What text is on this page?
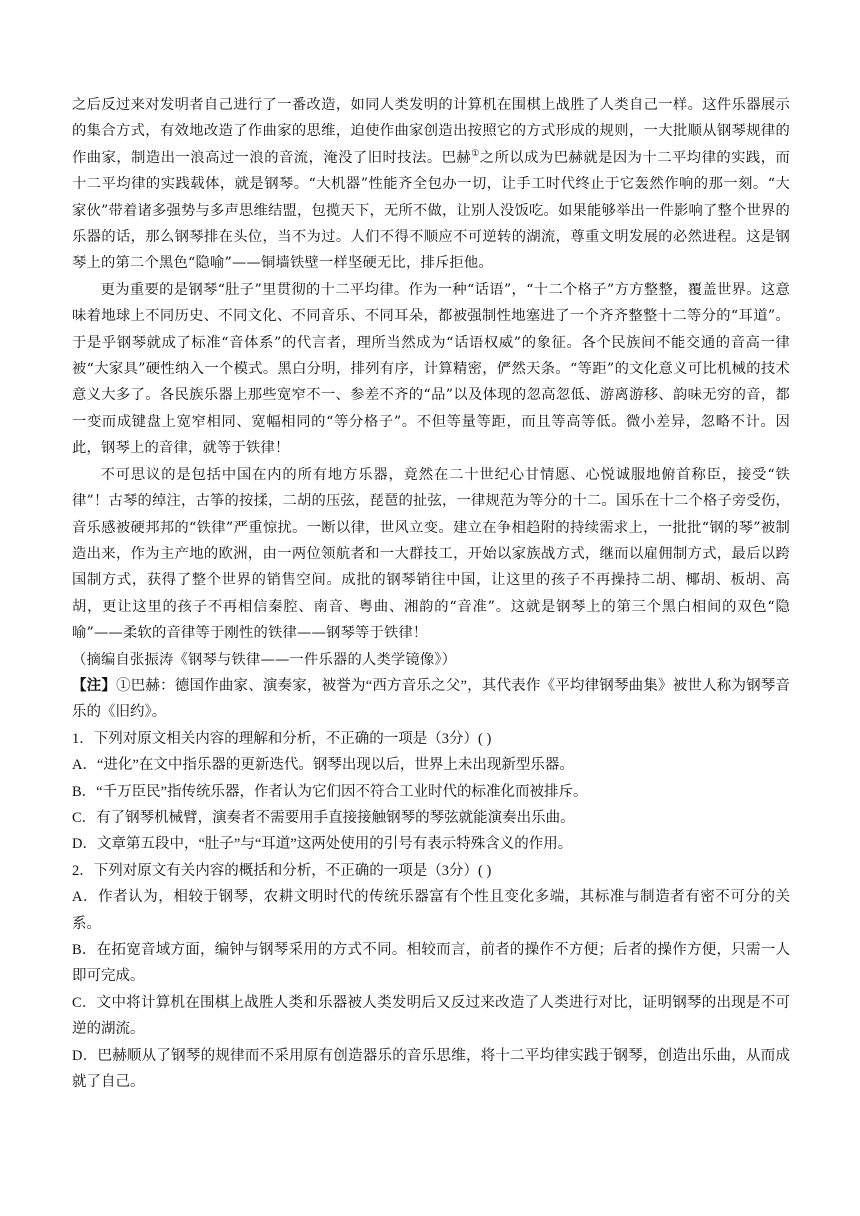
之后反过来对发明者自己进行了一番改造，如同人类发明的计算机在围棋上战胜了人类自己一样。这件乐器展示的集合方式，有效地改造了作曲家的思维，迫使作曲家创造出按照它的方式形成的规则，一大批顺从钢琴规律的作曲家，制造出一浪高过一浪的音流，淹没了旧时技法。巴赫①之所以成为巴赫就是因为十二平均律的实践，而十二平均律的实践载体，就是钢琴。“大机器”性能齐全包办一切，让手工时代终止于它轰然作响的那一刻。“大家伙”带着诸多强势与多声思维结盟，包揽天下，无所不做，让别人没饭吃。如果能够举出一件影响了整个世界的乐器的话，那么钢琴排在头位，当不为过。人们不得不顺应不可逆转的湖流，尊重文明发展的必然进程。这是钢琴上的第二个黑色“隐喻”——铜墙铁壁一样坚硬无比，排斥拒他。

更为重要的是钢琴“肚子”里贯彻的十二平均律。作为一种“话语”，“十二个格子”方方整整，覆盖世界。这意味着地球上不同历史、不同文化、不同音乐、不同耳朵，都被强制性地塞进了一个齐齐整整十二等分的“耳道”。于是乎钢琴就成了标准“音体系”的代言者，理所当然成为“话语权威”的象征。各个民族间不能交通的音高一律被“大家具”硬性纳入一个模式。黑白分明，排列有序，计算精密，俨然天条。“等距”的文化意义可比机械的技术意义大多了。各民族乐器上那些宽窄不一、参差不齐的“品”以及体现的忽高忽低、游离游移、韵味无穷的音，都一变而成键盘上宽窄相同、宽幅相同的“等分格子”。不但等量等距，而且等高等低。微小差异，忽略不计。因此，钢琴上的音律，就等于铁律！

不可思议的是包括中国在内的所有地方乐器，竟然在二十世纪心甘情愿、心悦诚服地俯首称臣，接受“铁律”！古琴的绰注，古筝的按揉，二胡的压弦，琵琶的扯弦，一律规范为等分的十二。国乐在十二个格子旁受伤，音乐感被硬邦邦的“铁律”严重惊扰。一断以律，世风立变。建立在争相趋附的持续需求上，一批批“钢的琴”被制造出来，作为主产地的欧洲，由一两位领航者和一大群技工，开始以家族战方式，继而以雇佣制方式，最后以跨国制方式，获得了整个世界的销售空间。成批的钢琴销往中国，让这里的孩子不再操持二胡、椰胡、板胡、高胡，更让这里的孩子不再相信秦腔、南音、粤曲、湘韵的“音准”。这就是钢琴上的第三个黑白相间的双色“隐喻”——柔软的音律等于刚性的铁律——钢琴等于铁律！

（摘编自张振涛《钢琴与铁律——一件乐器的人类学镜像》）

【注】①巴赫：德国作曲家、演奏家，被誉为“西方音乐之父”，其代表作《平均律钢琴曲集》被世人称为钢琴音乐的《旧约》。

1．下列对原文相关内容的理解和分析，不正确的一项是（3分）( )

A．“进化”在文中指乐器的更新迭代。钢琴出现以后，世界上未出现新型乐器。

B．“千万臣民”指传统乐器，作者认为它们因不符合工业时代的标准化而被排斥。

C．有了钢琴机械臂，演奏者不需要用手直接接触钢琴的琴弦就能演奏出乐曲。

D．文章第五段中，“肚子”与“耳道”这两处使用的引号有表示特殊含义的作用。

2．下列对原文有关内容的概括和分析，不正确的一项是（3分）( )

A．作者认为，相较于钢琴，农耕文明时代的传统乐器富有个性且变化多端，其标准与制造者有密不可分的关系。

B．在拓宽音域方面，编钟与钢琴采用的方式不同。相较而言，前者的操作不方便；后者的操作方便，只需一人即可完成。

C．文中将计算机在围棋上战胜人类和乐器被人类发明后又反过来改造了人类进行对比，证明钢琴的出现是不可逆的湖流。

D．巴赫顺从了钢琴的规律而不采用原有创造器乐的音乐思维，将十二平均律实践于钢琴，创造出乐曲，从而成就了自己。
